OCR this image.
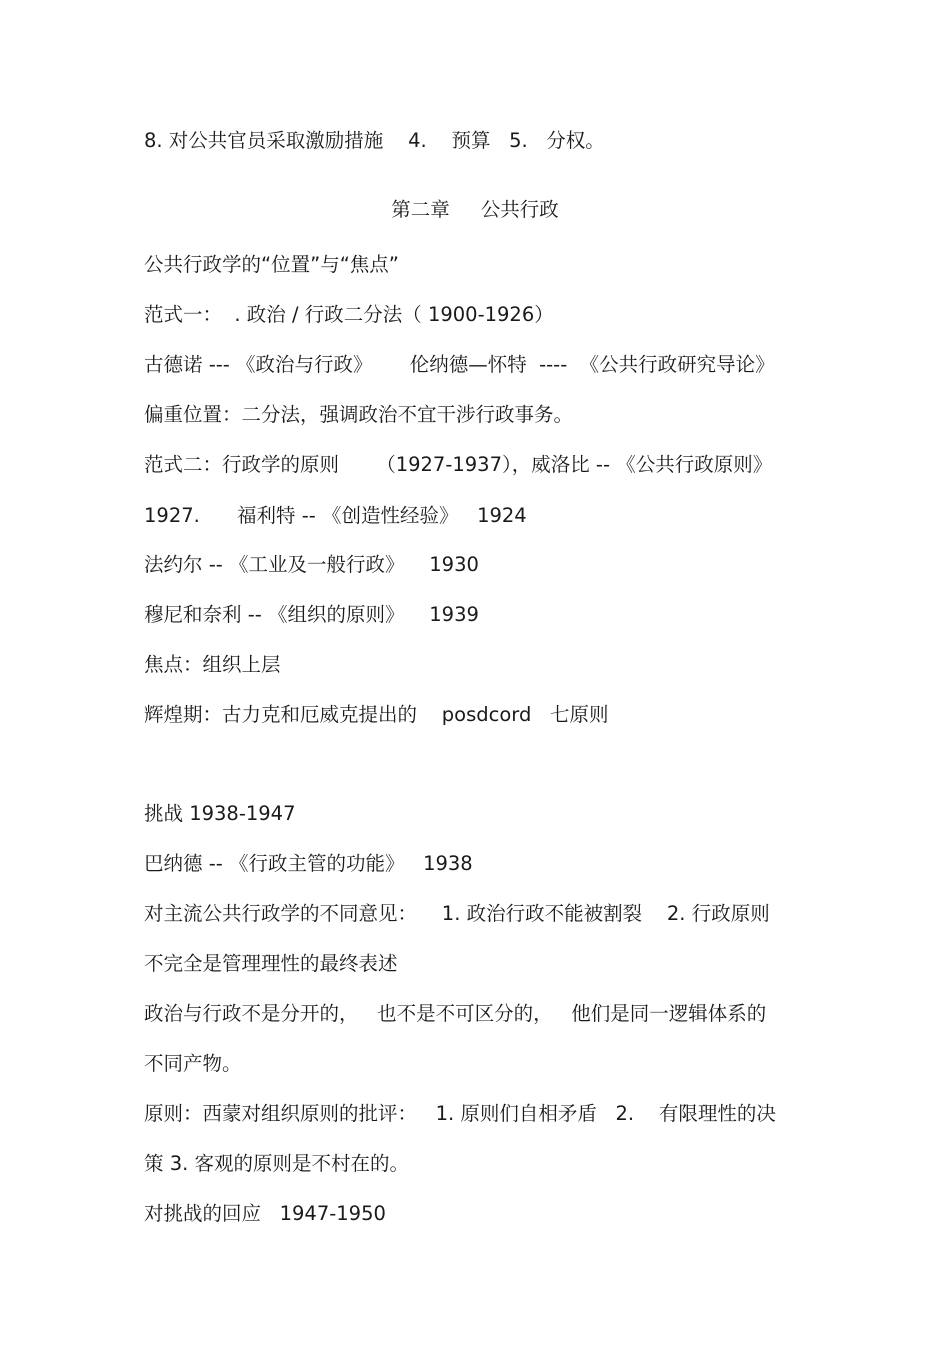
8. 对公共官员采取激励措施    4.    预算   5.   分权。
第二章     公共行政
公共行政学的“位置”与“焦点”
范式一：  . 政治 / 行政二分法（ 1900-1926）
古德诺 --- 《政治与行政》      伦纳德—怀特  ----  《公共行政研究导论》
偏重位置：二分法，强调政治不宜干涉行政事务。
范式二：行政学的原则      （1927-1937），威洛比 -- 《公共行政原则》
1927.      福利特 -- 《创造性经验》   1924
法约尔 -- 《工业及一般行政》    1930
穆尼和奈利 -- 《组织的原则》    1939
焦点：组织上层
辉煌期：古力克和厄威克提出的    posdcord   七原则
挑战 1938-1947
巴纳德 -- 《行政主管的功能》   1938
对主流公共行政学的不同意见：    1. 政治行政不能被割裂    2. 行政原则
不完全是管理理性的最终表述
政治与行政不是分开的，   也不是不可区分的，   他们是同一逻辑体系的
不同产物。
原则：西蒙对组织原则的批评：   1. 原则们自相矛盾   2.    有限理性的决
策 3. 客观的原则是不村在的。
对挑战的回应   1947-1950
